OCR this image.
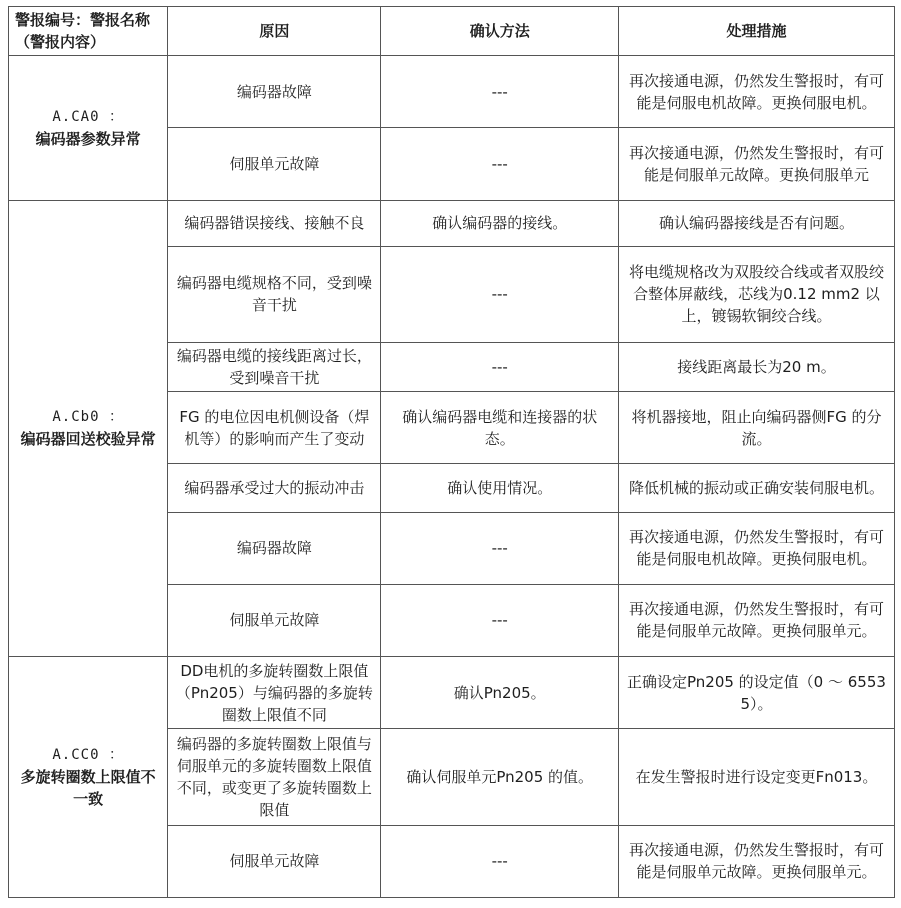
警报编号：警报名称（警报内容）	原因	确认方法	处理措施

A.CA0 ：
编码器参数异常	编码器故障	---	再次接通电源，仍然发生警报时，有可能是伺服电机故障。更换伺服电机。
	伺服单元故障	---	再次接通电源，仍然发生警报时，有可能是伺服单元故障。更换伺服单元

A.Cb0 ：
编码器回送校验异常	编码器错误接线、接触不良	确认编码器的接线。	确认编码器接线是否有问题。
	编码器电缆规格不同，受到噪音干扰	---	将电缆规格改为双股绞合线或者双股绞合整体屏蔽线，芯线为0.12 mm2 以上，镀锡软铜绞合线。
	编码器电缆的接线距离过长，受到噪音干扰	---	接线距离最长为20 m。
	FG 的电位因电机侧设备（焊机等）的影响而产生了变动	确认编码器电缆和连接器的状态。	将机器接地，阻止向编码器侧FG 的分流。
	编码器承受过大的振动冲击	确认使用情况。	降低机械的振动或正确安装伺服电机。
	编码器故障	---	再次接通电源，仍然发生警报时，有可能是伺服电机故障。更换伺服电机。
	伺服单元故障	---	再次接通电源，仍然发生警报时，有可能是伺服单元故障。更换伺服单元。

A.CC0 ：
多旋转圈数上限值不一致	DD电机的多旋转圈数上限值（Pn205）与编码器的多旋转圈数上限值不同	确认Pn205。	正确设定Pn205 的设定值（0 ～ 65535）。
	编码器的多旋转圈数上限值与伺服单元的多旋转圈数上限值不同，或变更了多旋转圈数上限值	确认伺服单元Pn205 的值。	在发生警报时进行设定变更Fn013。
	伺服单元故障	---	再次接通电源，仍然发生警报时，有可能是伺服单元故障。更换伺服单元。
